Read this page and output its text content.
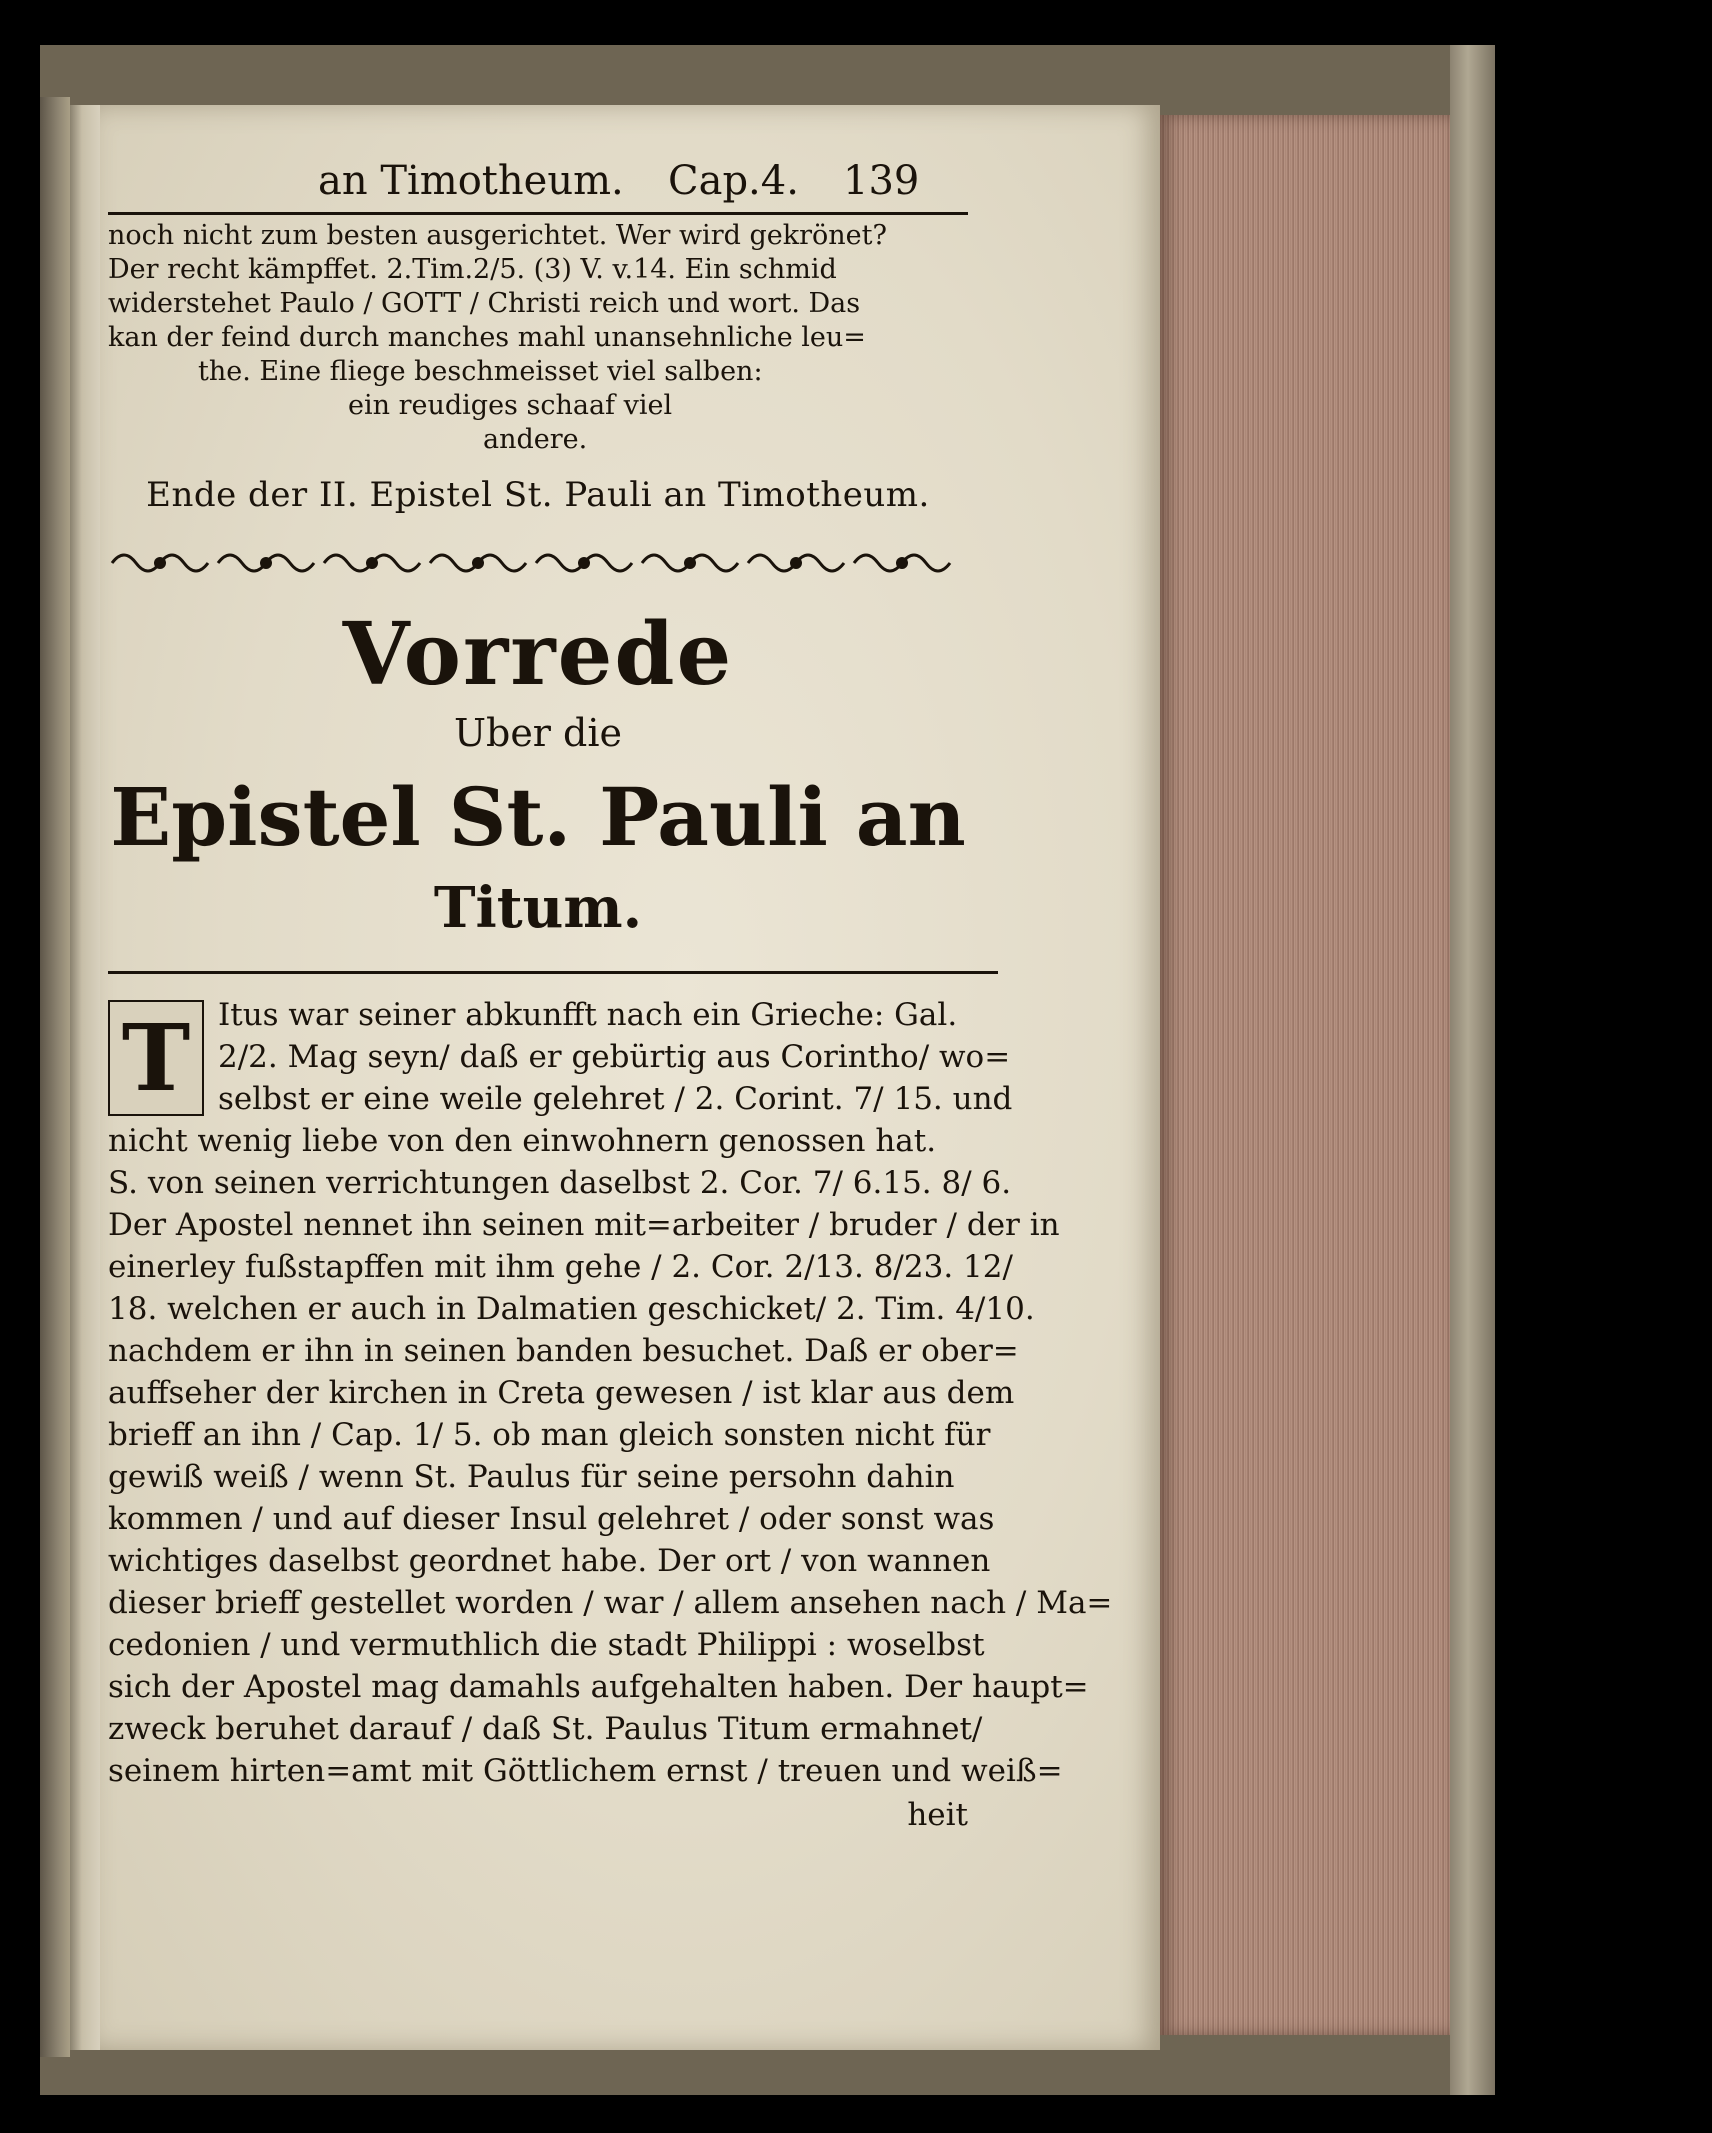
an Timotheum. Cap.4. 139
noch nicht zum besten ausgerichtet. Wer wird gekrönet?
Der recht kämpffet. 2.Tim.2/5. (3) V. v.14. Ein schmid
widerstehet Paulo / GOTT / Christi reich und wort. Das
kan der feind durch manches mahl unansehnliche leu=
the. Eine fliege beschmeisset viel salben:
ein reudiges schaaf viel
andere.
Ende der II. Epistel St. Pauli an Timotheum.
Vorrede
Uber die
Epistel St. Pauli an
Titum.
T Itus war seiner abkunfft nach ein Grieche: Gal.
2/2. Mag seyn/ daß er gebürtig aus Corintho/ wo=
selbst er eine weile gelehret / 2. Corint. 7/ 15. und
nicht wenig liebe von den einwohnern genossen hat.
S. von seinen verrichtungen daselbst 2. Cor. 7/ 6.15. 8/ 6.
Der Apostel nennet ihn seinen mit=arbeiter / bruder / der in
einerley fußstapffen mit ihm gehe / 2. Cor. 2/13. 8/23. 12/
18. welchen er auch in Dalmatien geschicket/ 2. Tim. 4/10.
nachdem er ihn in seinen banden besuchet. Daß er ober=
auffseher der kirchen in Creta gewesen / ist klar aus dem
brieff an ihn / Cap. 1/ 5. ob man gleich sonsten nicht für
gewiß weiß / wenn St. Paulus für seine persohn dahin
kommen / und auf dieser Insul gelehret / oder sonst was
wichtiges daselbst geordnet habe. Der ort / von wannen
dieser brieff gestellet worden / war / allem ansehen nach / Ma=
cedonien / und vermuthlich die stadt Philippi : woselbst
sich der Apostel mag damahls aufgehalten haben. Der haupt=
zweck beruhet darauf / daß St. Paulus Titum ermahnet/
seinem hirten=amt mit Göttlichem ernst / treuen und weiß=
heit
